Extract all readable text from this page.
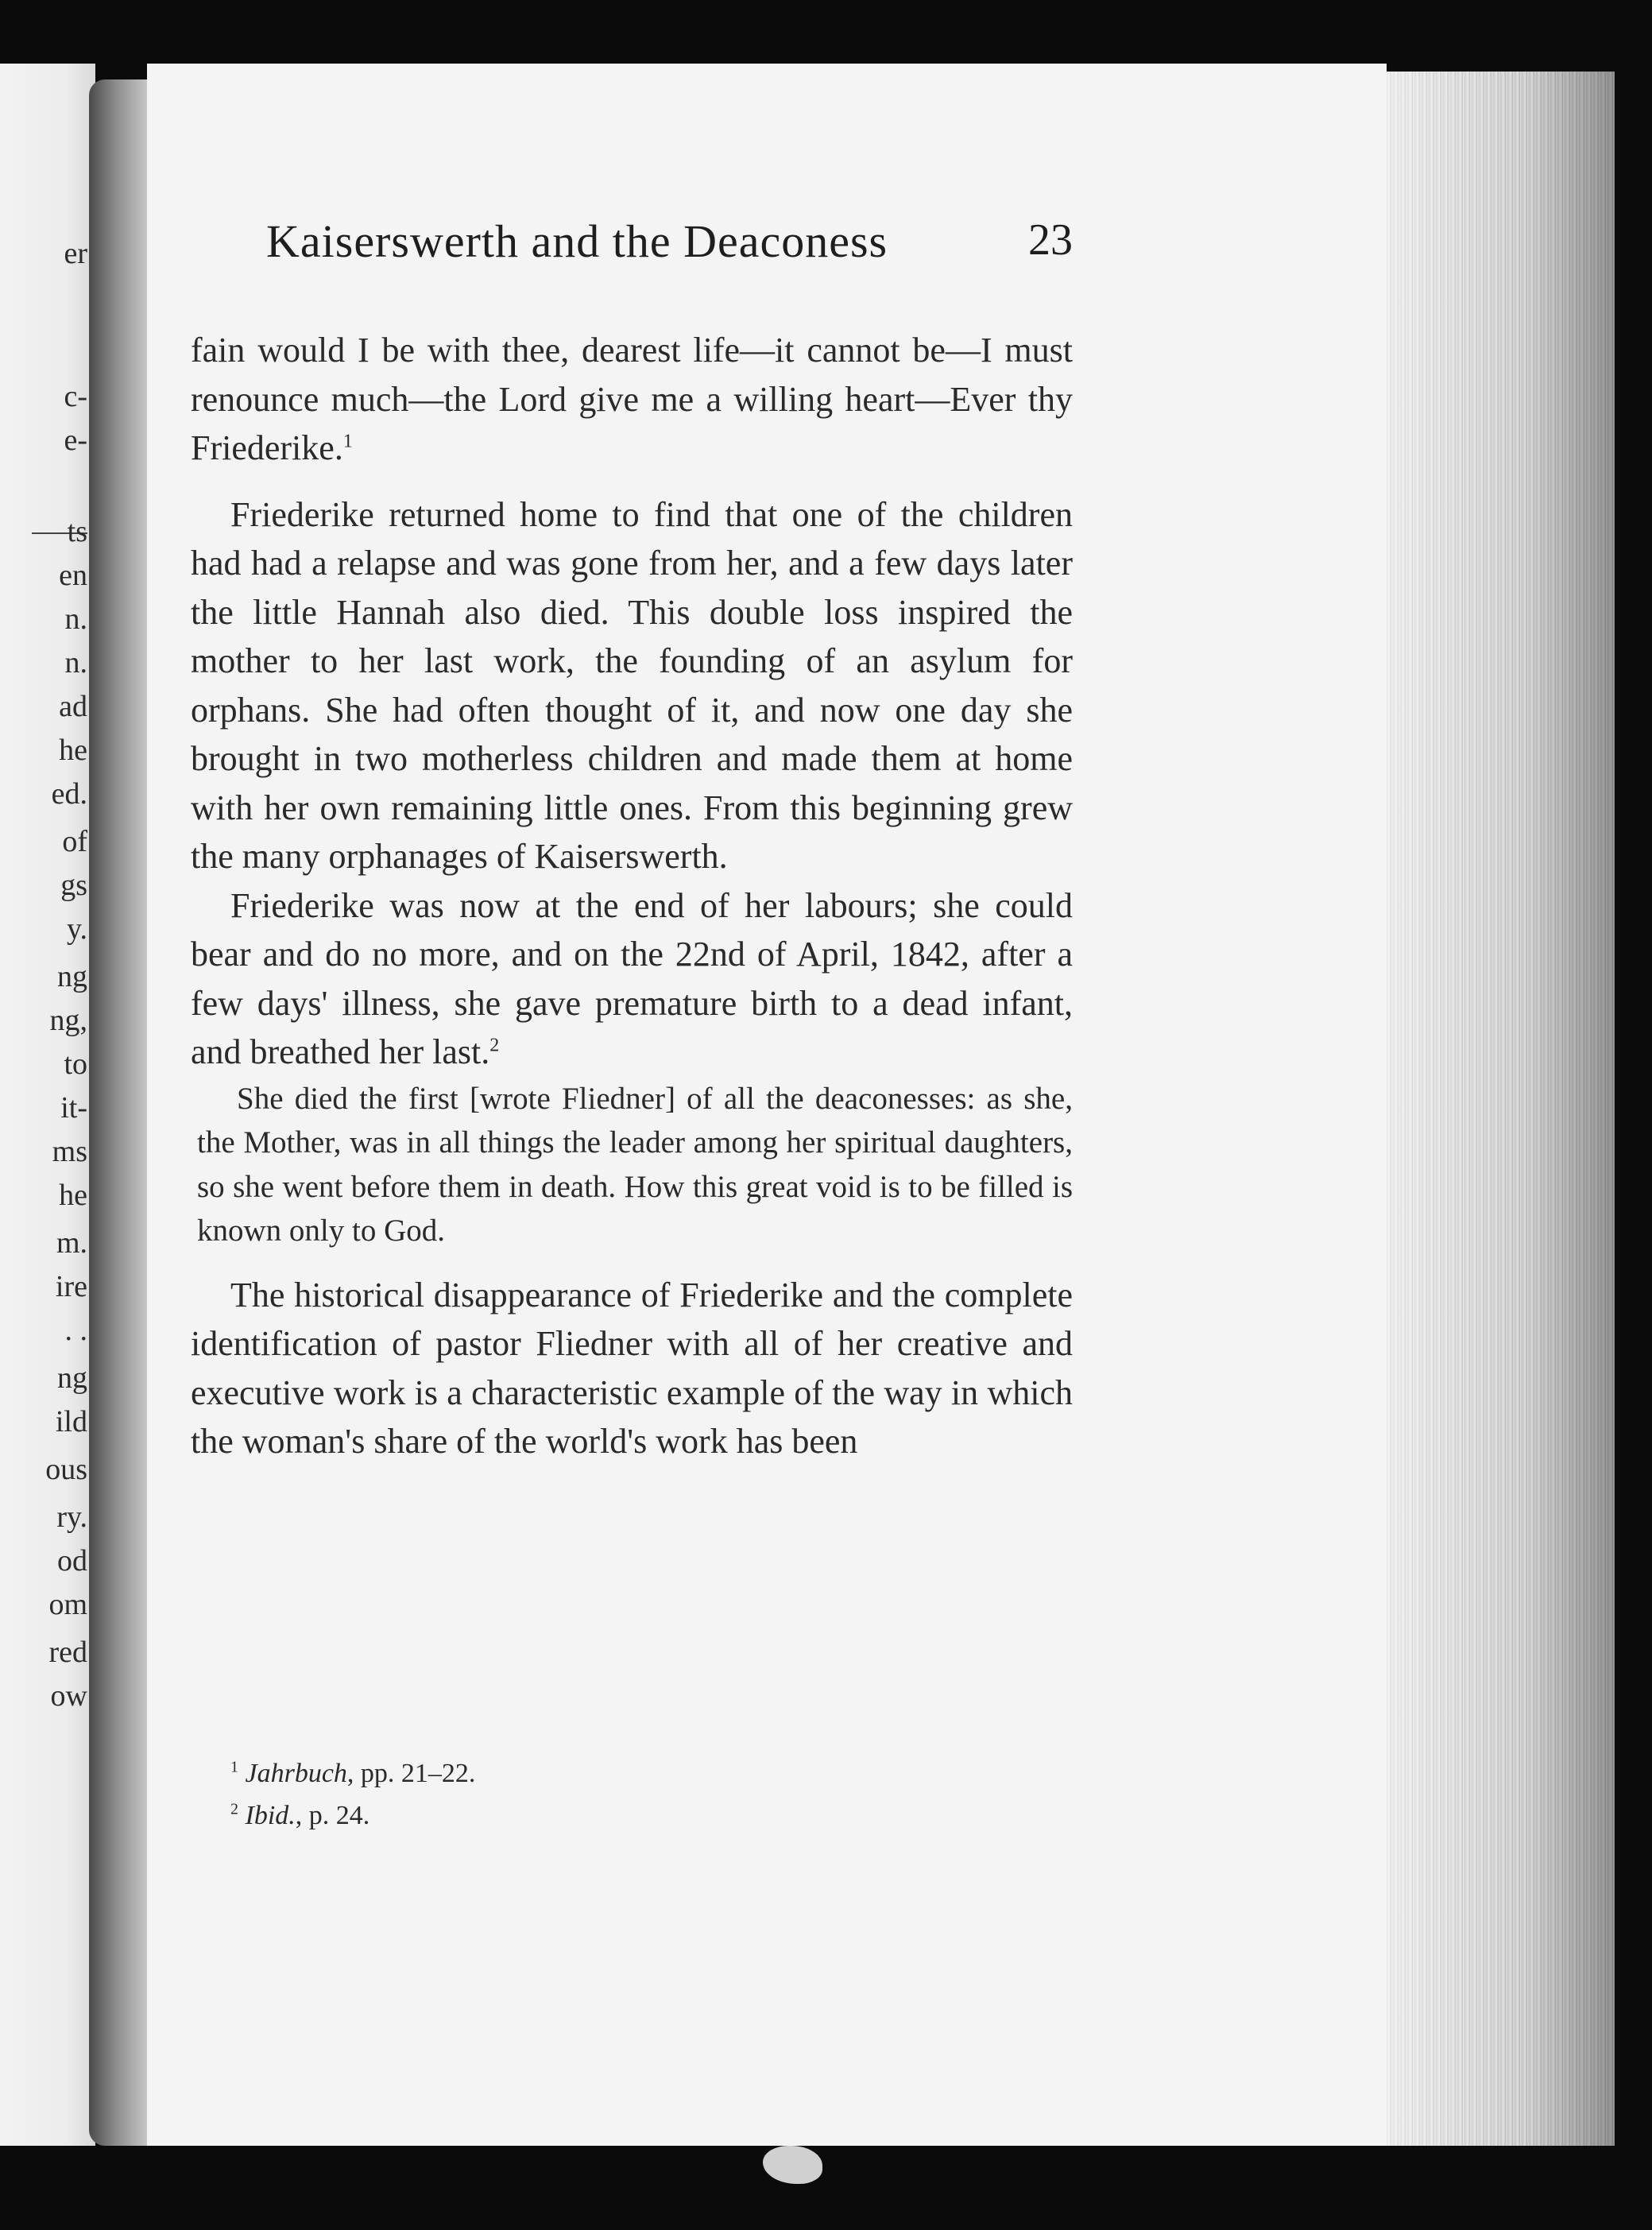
er
c-
e-
ts
en
n.
n.
ad
he
ed.
of
gs
y.
ng
ng,
to
it-
ms
he
m.
ire
. .
ng
ild
ous
ry.
od
om
red
ow
Kaiserswerth and the Deaconess	23

fain would I be with thee, dearest life—it cannot be—I must renounce much—the Lord give me a willing heart—Ever thy Friederike.$^1$

Friederike returned home to find that one of the children had had a relapse and was gone from her, and a few days later the little Hannah also died. This double loss inspired the mother to her last work, the founding of an asylum for orphans. She had often thought of it, and now one day she brought in two motherless children and made them at home with her own remaining little ones. From this beginning grew the many orphanages of Kaiserswerth.

Friederike was now at the end of her labours; she could bear and do no more, and on the 22nd of April, 1842, after a few days' illness, she gave premature birth to a dead infant, and breathed her last.$^2$

She died the first [wrote Fliedner] of all the deaconesses: as she, the Mother, was in all things the leader among her spiritual daughters, so she went before them in death. How this great void is to be filled is known only to God.

The historical disappearance of Friederike and the complete identification of pastor Fliedner with all of her creative and executive work is a characteristic example of the way in which the woman's share of the world's work has been

$^1$ Jahrbuch, pp. 21–22.
$^2$ Ibid., p. 24.
